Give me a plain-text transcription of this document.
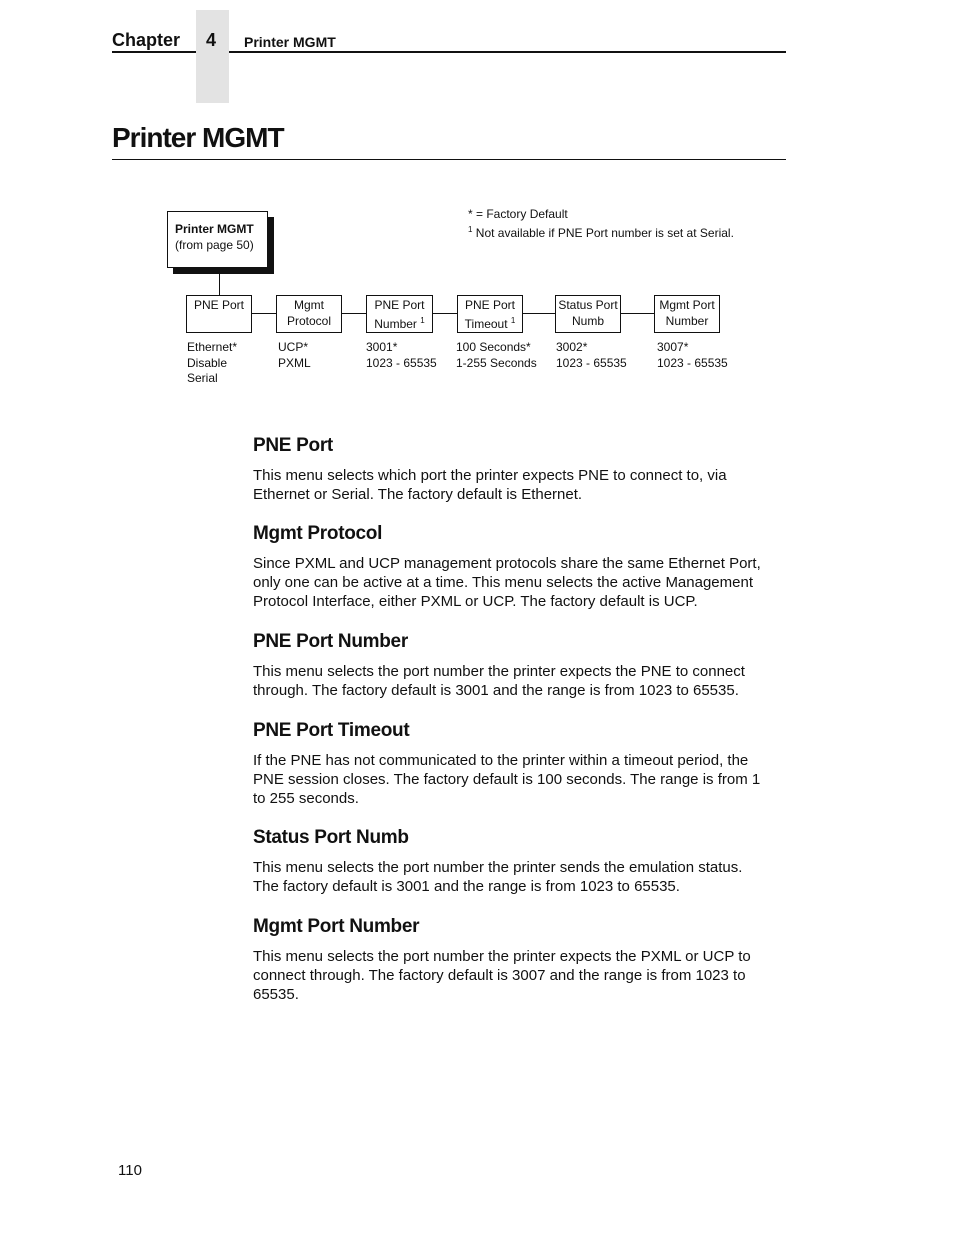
Chapter	4	Printer MGMT
Printer MGMT
* = Factory Default
$^1$ Not available if PNE Port number is set at Serial.
Printer MGMT
(from page 50)
PNE Port	Mgmt
Protocol
PNE Port
Number $^1$
PNE Port
Timeout $^1$
Status Port
Numb
Mgmt Port
Number
Ethernet*
Disable
Serial
UCP*
PXML
3001*
1023 - 65535
100 Seconds*
1-255 Seconds
3002*
1023 - 65535
3007*
1023 - 65535
PNE Port
This menu selects which port the printer expects PNE to connect to, via
Ethernet or Serial. The factory default is Ethernet.
Mgmt Protocol
Since PXML and UCP management protocols share the same Ethernet Port,
only one can be active at a time. This menu selects the active Management
Protocol Interface, either PXML or UCP. The factory default is UCP.
PNE Port Number
This menu selects the port number the printer expects the PNE to connect
through. The factory default is 3001 and the range is from 1023 to 65535.
PNE Port Timeout
If the PNE has not communicated to the printer within a timeout period, the
PNE session closes. The factory default is 100 seconds. The range is from 1
to 255 seconds.
Status Port Numb
This menu selects the port number the printer sends the emulation status.
The factory default is 3001 and the range is from 1023 to 65535.
Mgmt Port Number
This menu selects the port number the printer expects the PXML or UCP to
connect through. The factory default is 3007 and the range is from 1023 to
65535.
110
